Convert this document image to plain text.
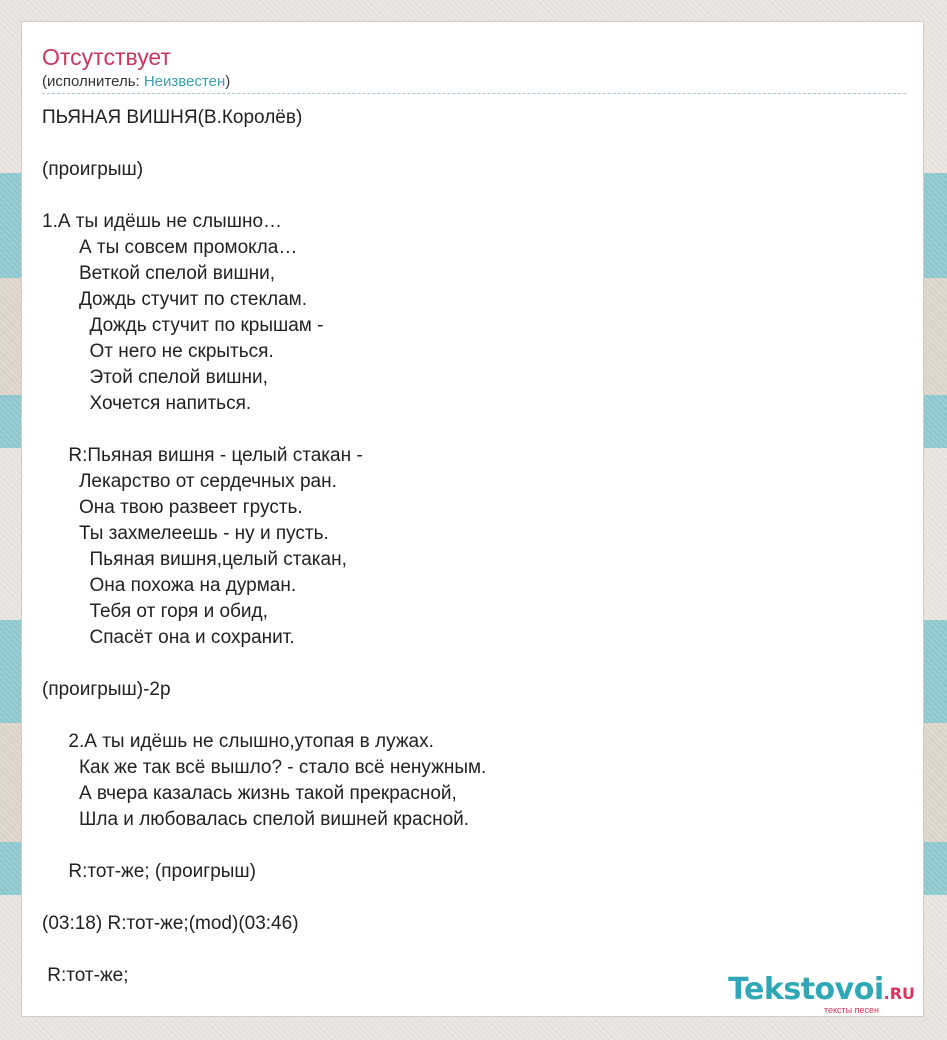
Отсутствует
(исполнитель: Неизвестен)
ПЬЯНАЯ ВИШНЯ(В.Королёв)

(проигрыш)

1.А ты идёшь не слышно…
А ты совсем промокла…
Веткой спелой вишни,
Дождь стучит по стеклам.
Дождь стучит по крышам -
От него не скрыться.
Этой спелой вишни,
Хочется напиться.

R:Пьяная вишня - целый стакан -
Лекарство от сердечных ран.
Она твою развеет грусть.
Ты захмелеешь - ну и пусть.
Пьяная вишня,целый стакан,
Она похожа на дурман.
Тебя от горя и обид,
Спасёт она и сохранит.

(проигрыш)-2р

2.А ты идёшь не слышно,утопая в лужах.
Как же так всё вышло? - стало всё ненужным.
А вчера казалась жизнь такой прекрасной,
Шла и любовалась спелой вишней красной.

R:тот-же; (проигрыш)

(03:18) R:тот-же;(mod)(03:46)

R:тот-же;	Tekstovoi.RU
тексты песен
